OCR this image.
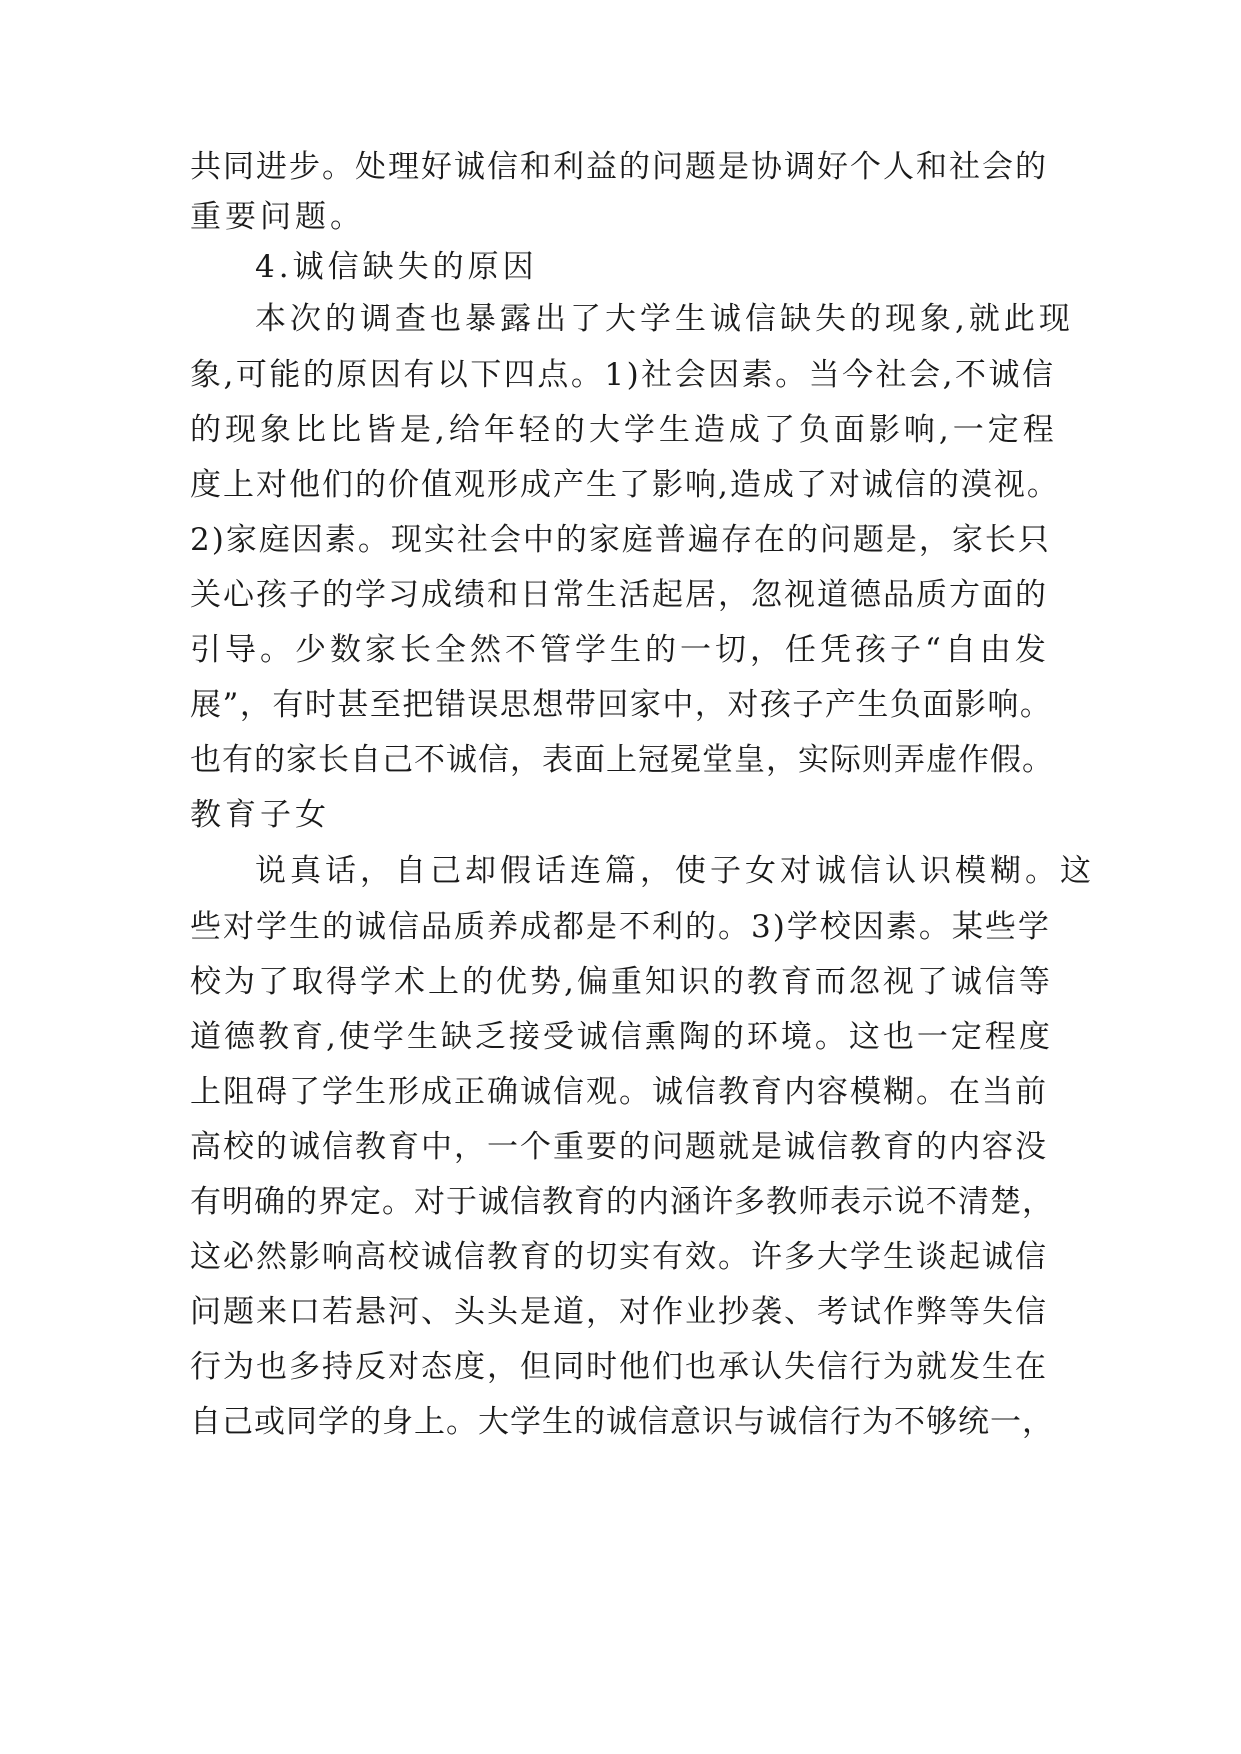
共同进步。处理好诚信和利益的问题是协调好个人和社会的
重要问题。
4.诚信缺失的原因
本次的调查也暴露出了大学生诚信缺失的现象,就此现
象,可能的原因有以下四点。1)社会因素。当今社会,不诚信
的现象比比皆是,给年轻的大学生造成了负面影响,一定程
度上对他们的价值观形成产生了影响,造成了对诚信的漠视。
2)家庭因素。现实社会中的家庭普遍存在的问题是，家长只
关心孩子的学习成绩和日常生活起居，忽视道德品质方面的
引导。少数家长全然不管学生的一切，任凭孩子“自由发
展”，有时甚至把错误思想带回家中，对孩子产生负面影响。
也有的家长自己不诚信，表面上冠冕堂皇，实际则弄虚作假。
教育子女
说真话，自己却假话连篇，使子女对诚信认识模糊。这
些对学生的诚信品质养成都是不利的。3)学校因素。某些学
校为了取得学术上的优势,偏重知识的教育而忽视了诚信等
道德教育,使学生缺乏接受诚信熏陶的环境。这也一定程度
上阻碍了学生形成正确诚信观。诚信教育内容模糊。在当前
高校的诚信教育中，一个重要的问题就是诚信教育的内容没
有明确的界定。对于诚信教育的内涵许多教师表示说不清楚，
这必然影响高校诚信教育的切实有效。许多大学生谈起诚信
问题来口若悬河、头头是道，对作业抄袭、考试作弊等失信
行为也多持反对态度，但同时他们也承认失信行为就发生在
自己或同学的身上。大学生的诚信意识与诚信行为不够统一，
